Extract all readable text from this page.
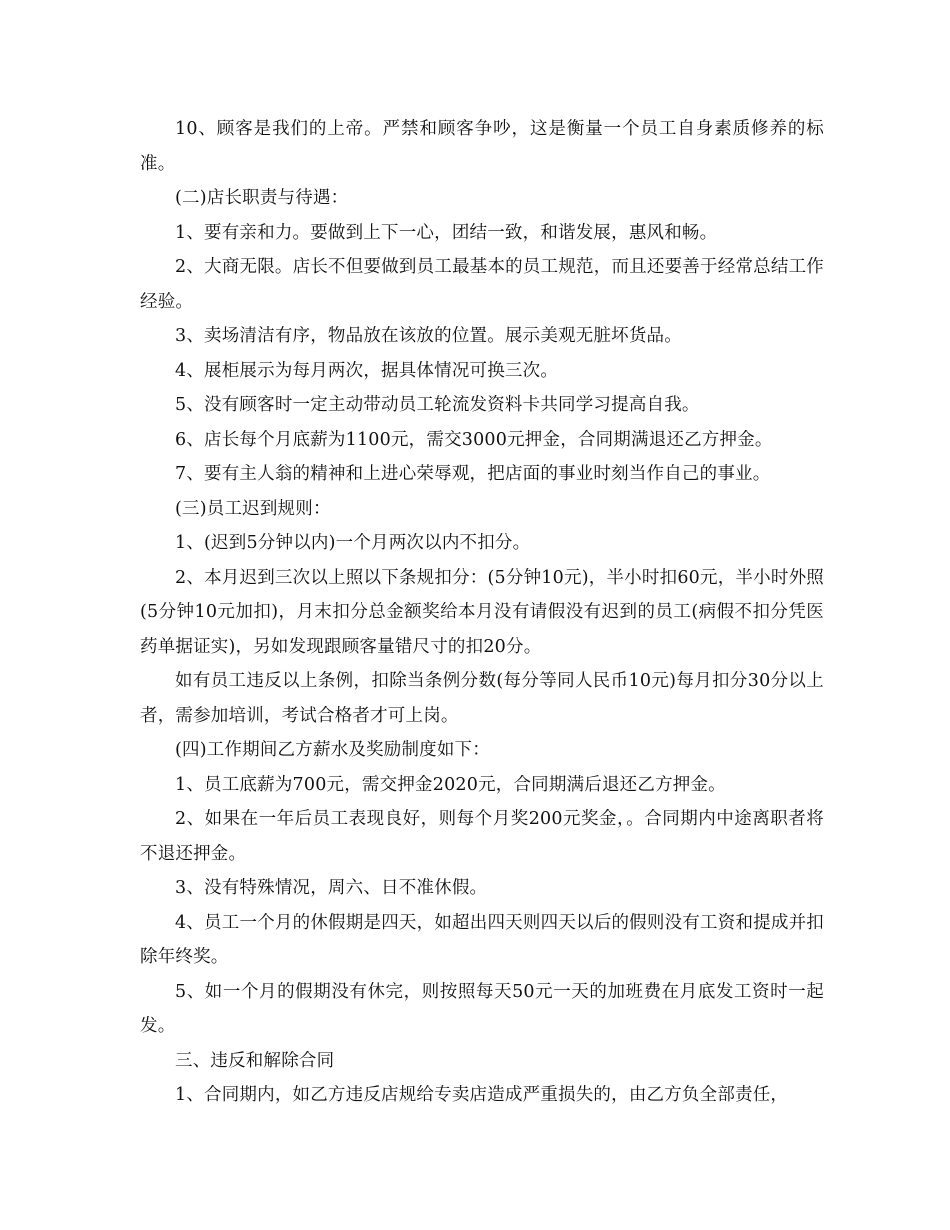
10、顾客是我们的上帝。严禁和顾客争吵，这是衡量一个员工自身素质修养的标准。

(二)店长职责与待遇：

1、要有亲和力。要做到上下一心，团结一致，和谐发展，惠风和畅。

2、大商无限。店长不但要做到员工最基本的员工规范，而且还要善于经常总结工作经验。

3、卖场清洁有序，物品放在该放的位置。展示美观无脏坏货品。

4、展柜展示为每月两次，据具体情况可换三次。

5、没有顾客时一定主动带动员工轮流发资料卡共同学习提高自我。

6、店长每个月底薪为1100元，需交3000元押金，合同期满退还乙方押金。

7、要有主人翁的精神和上进心荣辱观，把店面的事业时刻当作自己的事业。

(三)员工迟到规则：

1、(迟到5分钟以内)一个月两次以内不扣分。

2、本月迟到三次以上照以下条规扣分：(5分钟10元)，半小时扣60元，半小时外照(5分钟10元加扣)，月末扣分总金额奖给本月没有请假没有迟到的员工(病假不扣分凭医药单据证实)，另如发现跟顾客量错尺寸的扣20分。

如有员工违反以上条例，扣除当条例分数(每分等同人民币10元)每月扣分30分以上者，需参加培训，考试合格者才可上岗。

(四)工作期间乙方薪水及奖励制度如下：

1、员工底薪为700元，需交押金2020元，合同期满后退还乙方押金。

2、如果在一年后员工表现良好，则每个月奖200元奖金，。合同期内中途离职者将不退还押金。

3、没有特殊情况，周六、日不准休假。

4、员工一个月的休假期是四天，如超出四天则四天以后的假则没有工资和提成并扣除年终奖。

5、如一个月的假期没有休完，则按照每天50元一天的加班费在月底发工资时一起发。

三、违反和解除合同

1、合同期内，如乙方违反店规给专卖店造成严重损失的，由乙方负全部责任，
